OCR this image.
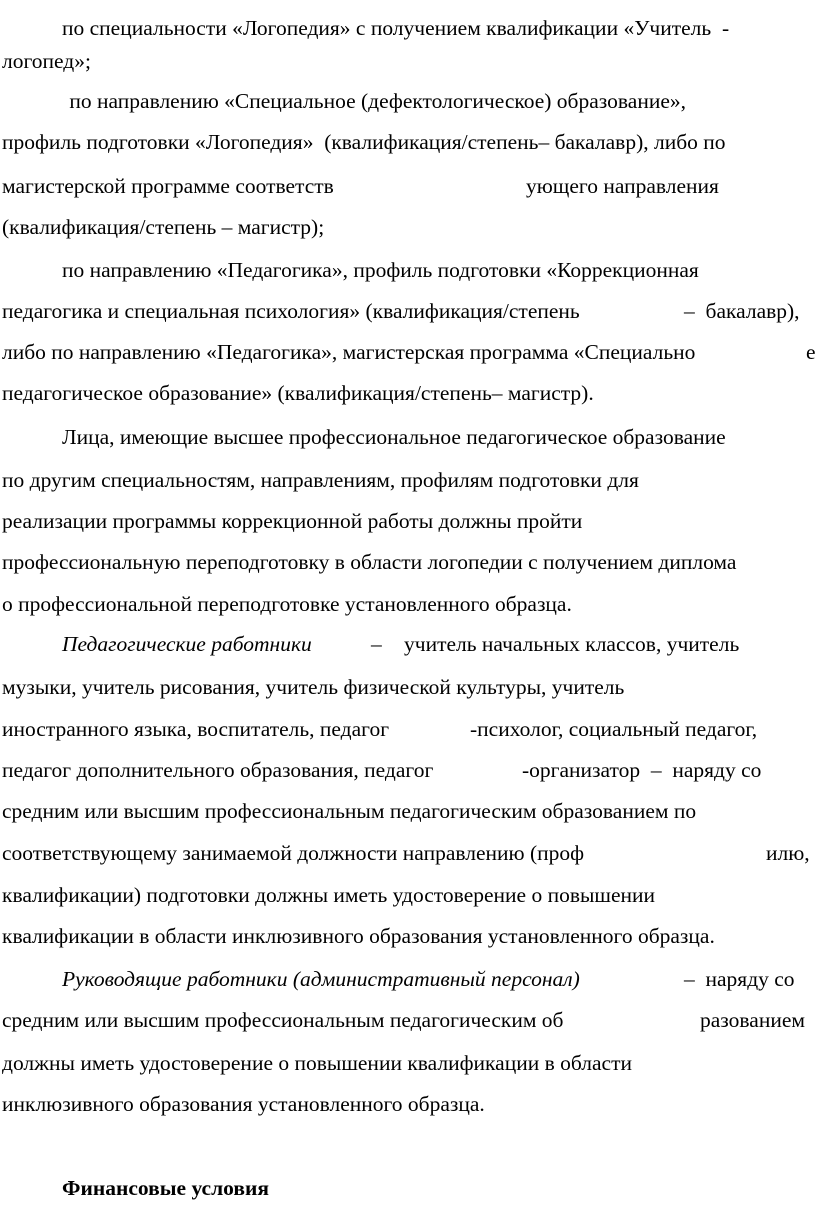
по специальности «Логопедия» с получением квалификации «Учитель  -
логопед»;
по направлению «Специальное (дефектологическое) образование»,
профиль подготовки «Логопедия»  (квалификация/степень– бакалавр), либо по
магистерской программе соответств	ующего направления
(квалификация/степень – магистр);
по направлению «Педагогика», профиль подготовки «Коррекционная
педагогика и специальная психология» (квалификация/степень	–  бакалавр),
либо по направлению «Педагогика», магистерская программа «Специально	е
педагогическое образование» (квалификация/степень– магистр).
Лица, имеющие высшее профессиональное педагогическое образование
по другим специальностям, направлениям, профилям подготовки для
реализации программы коррекционной работы должны пройти
профессиональную переподготовку в области логопедии с получением диплома
о профессиональной переподготовке установленного образца.
Педагогические работники	– учитель начальных классов, учитель
музыки, учитель рисования, учитель физической культуры, учитель
иностранного языка, воспитатель, педагог	-психолог, социальный педагог,
педагог дополнительного образования, педагог	-организатор  –  наряду со
средним или высшим профессиональным педагогическим образованием по
соответствующему занимаемой должности направлению (проф	илю,
квалификации) подготовки должны иметь удостоверение о повышении
квалификации в области инклюзивного образования установленного образца.
Руководящие работники (административный персонал)	–  наряду со
средним или высшим профессиональным педагогическим об	разованием
должны иметь удостоверение о повышении квалификации в области
инклюзивного образования установленного образца.
Финансовые условия
